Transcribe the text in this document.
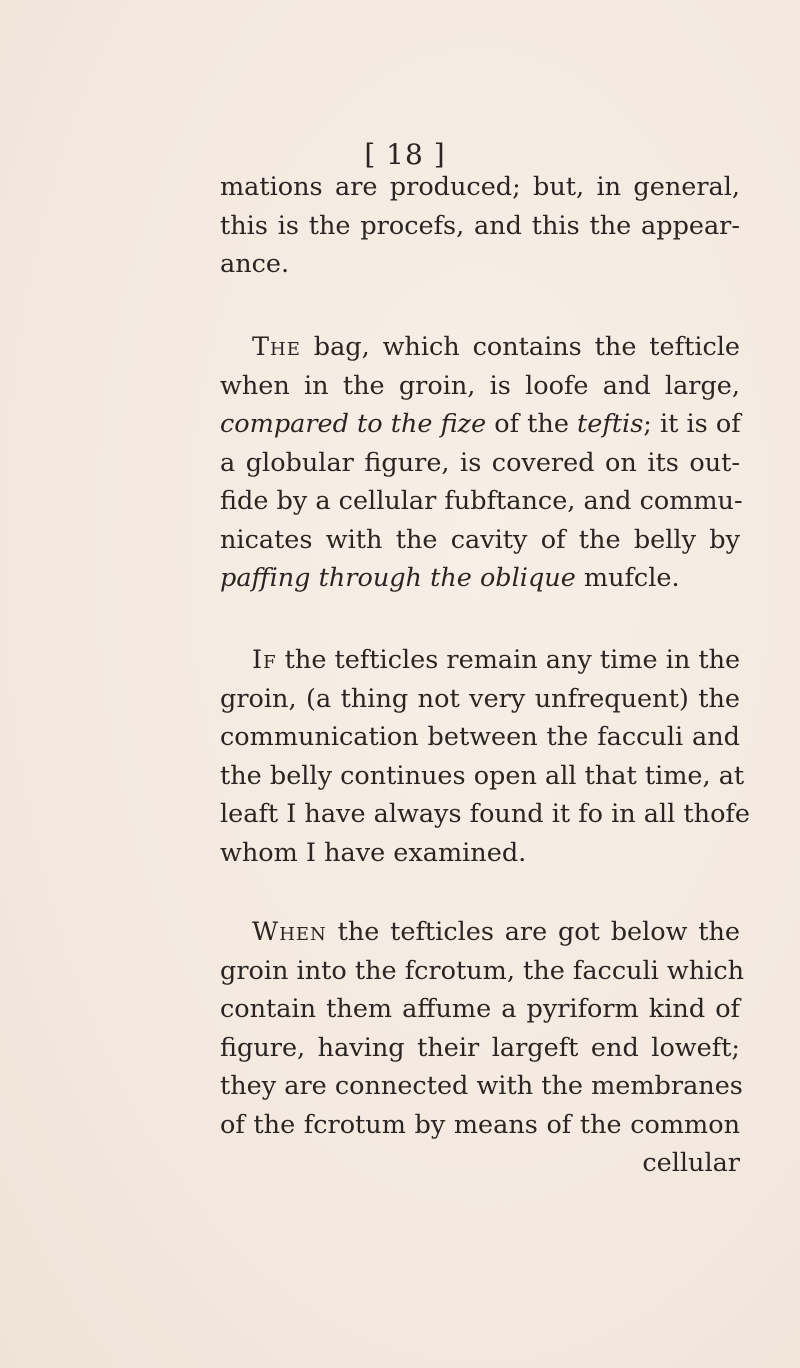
[ 18 ]
mations are produced; but, in general,
this is the procefs, and this the appear-
ance.
The bag, which contains the tefticle
when in the groin, is loofe and large,
compared to the fize of the teftis; it is of
a globular figure, is covered on its out-
fide by a cellular fubftance, and commu-
nicates with the cavity of the belly by
paffing through the oblique mufcle.
If the tefticles remain any time in the
groin, (a thing not very unfrequent) the
communication between the facculi and
the belly continues open all that time, at
leaft I have always found it fo in all thofe
whom I have examined.
When the tefticles are got below the
groin into the fcrotum, the facculi which
contain them affume a pyriform kind of
figure, having their largeft end loweft;
they are connected with the membranes
of the fcrotum by means of the common
cellular
